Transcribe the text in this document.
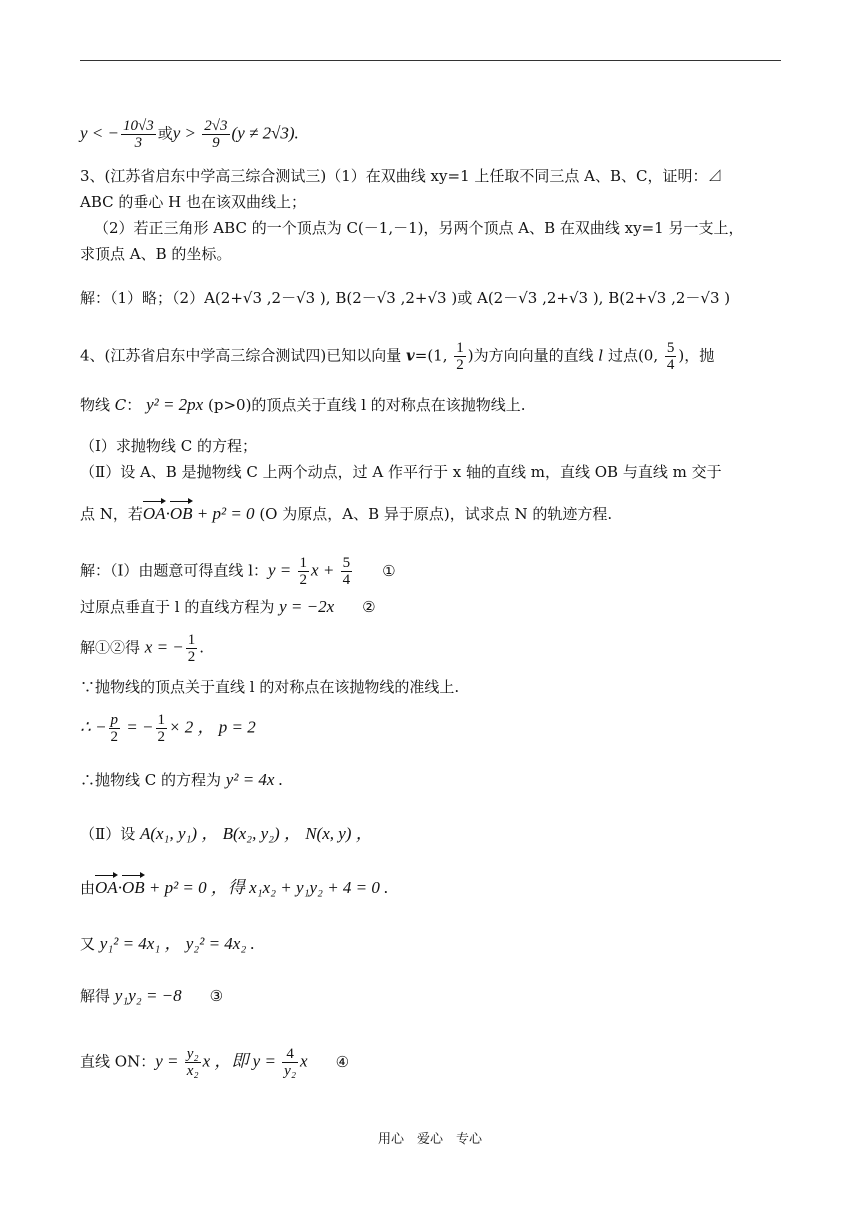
y < − $\frac{10√3}{3}$ 或$y > \frac{2√3}{9} (y \ne 2√3)$.
3、(江苏省启东中学高三综合测试三)（1）在双曲线 xy=1 上任取不同三点 A、B、C，证明：⊿
ABC 的垂心 H 也在该双曲线上；
（2）若正三角形 ABC 的一个顶点为 C(－1,－1)，另两个顶点 A、B 在双曲线 xy=1 另一支上，
求顶点 A、B 的坐标。
解：（1）略；（2）A(2+√3 ,2－√3 ), B(2－√3 ,2+√3 )或 A(2－√3 ,2+√3 ), B(2+√3 ,2－√3 )
4、(江苏省启东中学高三综合测试四)已知以向量 v=(1, $\frac{1}{2}$ )为方向向量的直线 l 过点(0, $\frac{5}{4}$ )，抛
物线 C： y² = 2px (p>0)的顶点关于直线 l 的对称点在该抛物线上.
（Ⅰ）求抛物线 C 的方程；
（Ⅱ）设 A、B 是抛物线 C 上两个动点，过 A 作平行于 x 轴的直线 m，直线 OB 与直线 m 交于
点 N，若OA·OB + p² = 0 (O 为原点，A、B 异于原点)，试求点 N 的轨迹方程.
解：（Ⅰ）由题意可得直线 l：$y = \frac{1}{2}$ $x + \frac{5}{4}$ ①
过原点垂直于 l 的直线方程为 y = −2x ②
解①②得 x = − $\frac{1}{2}$ .
∵抛物线的顶点关于直线 l 的对称点在该抛物线的准线上.
∴ − $\frac{p}{2}$ = − $\frac{1}{2} \times 2$ ， p = 2
∴抛物线 C 的方程为 y² = 4x .
（Ⅱ）设 A(x₁, y₁) ， B(x₂, y₂) ， N(x, y) ，
由OA·OB + p² = 0 ，得 x₁x₂ + y₁y₂ + 4 = 0 .
又 y₁² = 4x₁ ， y₂² = 4x₂ .
解得 y₁y₂ = −8 ③
直线 ON：$y = \frac{\text{y₂}}{\text{x₂}}$ x ，即 $y = \frac{4}{\text{y₂}}$ x ④
用心　爱心　专心
